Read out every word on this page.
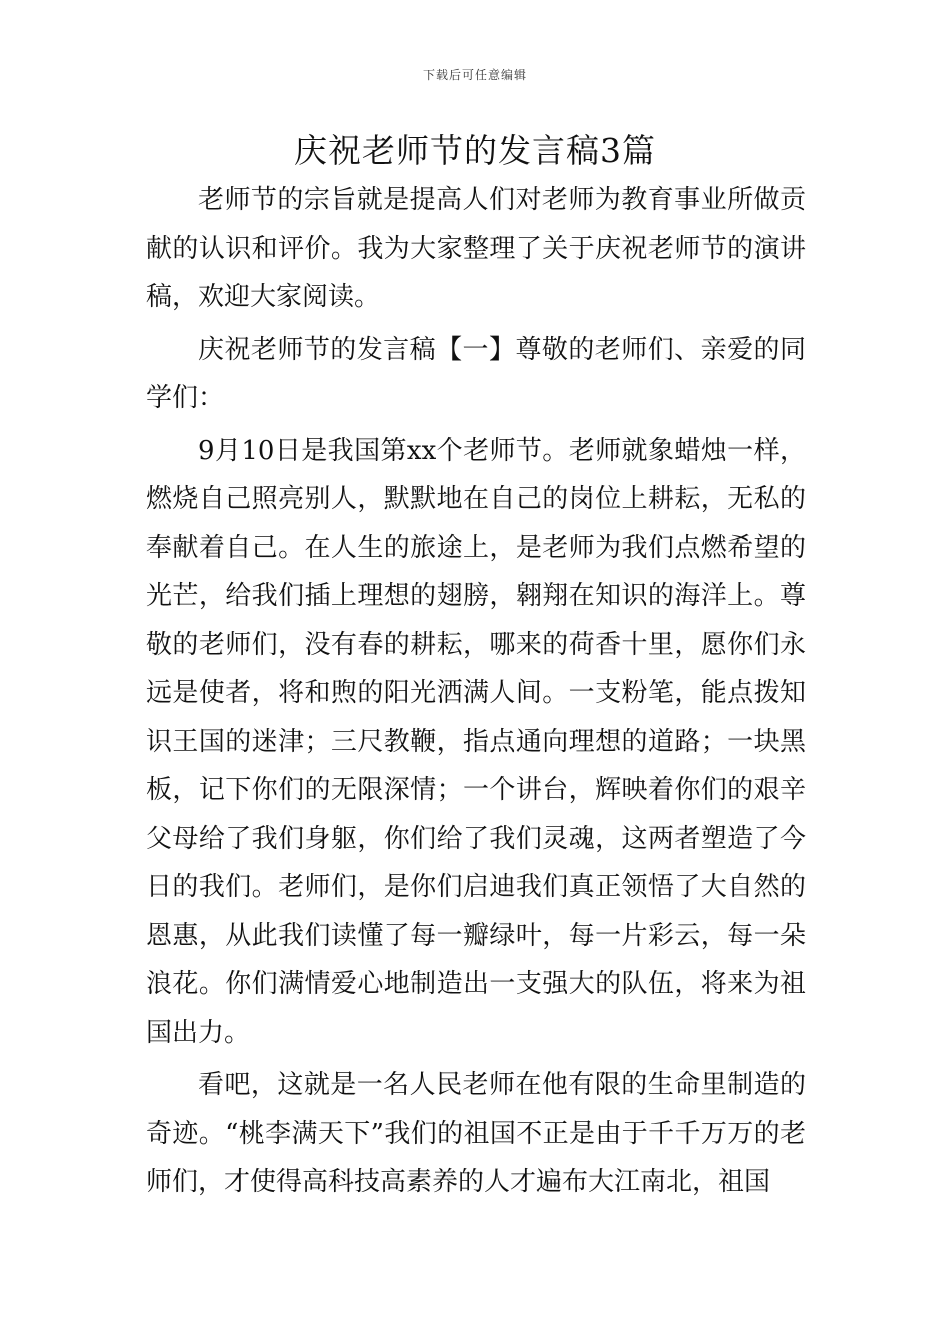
下载后可任意编辑
庆祝老师节的发言稿3篇

老师节的宗旨就是提高人们对老师为教育事业所做贡献的认识和评价。我为大家整理了关于庆祝老师节的演讲稿，欢迎大家阅读。

庆祝老师节的发言稿【一】尊敬的老师们、亲爱的同学们：

9月10日是我国第xx个老师节。老师就象蜡烛一样，燃烧自己照亮别人，默默地在自己的岗位上耕耘，无私的奉献着自己。在人生的旅途上，是老师为我们点燃希望的光芒，给我们插上理想的翅膀，翱翔在知识的海洋上。尊敬的老师们，没有春的耕耘，哪来的荷香十里，愿你们永远是使者，将和煦的阳光洒满人间。一支粉笔，能点拨知识王国的迷津；三尺教鞭，指点通向理想的道路；一块黑板，记下你们的无限深情；一个讲台，辉映着你们的艰辛父母给了我们身躯，你们给了我们灵魂，这两者塑造了今日的我们。老师们，是你们启迪我们真正领悟了大自然的恩惠，从此我们读懂了每一瓣绿叶，每一片彩云，每一朵浪花。你们满情爱心地制造出一支强大的队伍，将来为祖国出力。

看吧，这就是一名人民老师在他有限的生命里制造的奇迹。“桃李满天下”我们的祖国不正是由于千千万万的老师们，才使得高科技高素养的人才遍布大江南北，祖国
